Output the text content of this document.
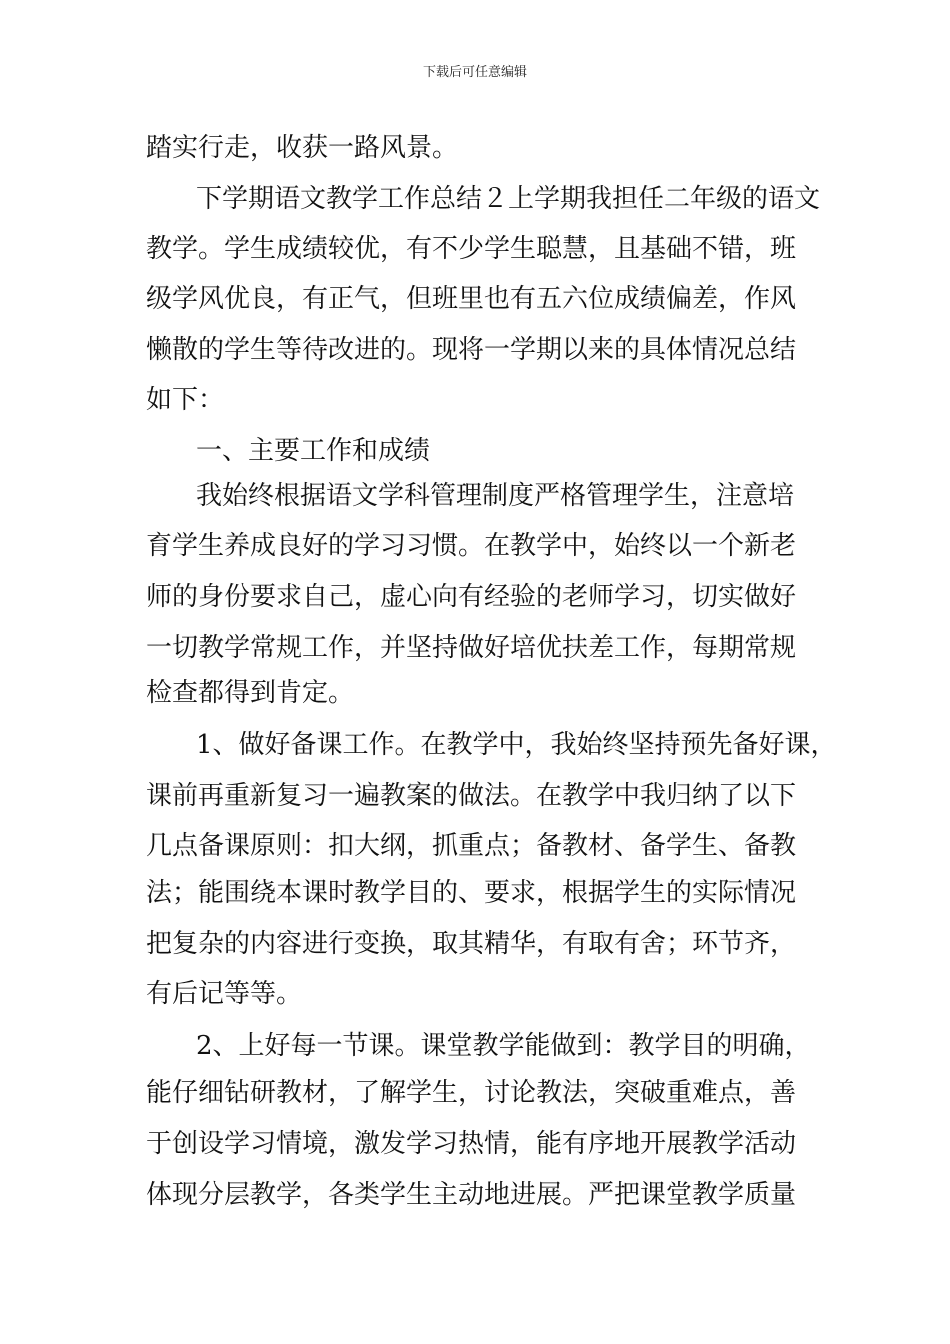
下载后可任意编辑
踏实行走，收获一路风景。
下学期语文教学工作总结２上学期我担任二年级的语文
教学。学生成绩较优，有不少学生聪慧，且基础不错，班
级学风优良，有正气，但班里也有五六位成绩偏差，作风
懒散的学生等待改进的。现将一学期以来的具体情况总结
如下：
一、主要工作和成绩
我始终根据语文学科管理制度严格管理学生，注意培
育学生养成良好的学习习惯。在教学中，始终以一个新老
师的身份要求自己，虚心向有经验的老师学习，切实做好
一切教学常规工作，并坚持做好培优扶差工作，每期常规
检查都得到肯定。
1、做好备课工作。在教学中，我始终坚持预先备好课，
课前再重新复习一遍教案的做法。在教学中我归纳了以下
几点备课原则：扣大纲，抓重点；备教材、备学生、备教
法；能围绕本课时教学目的、要求，根据学生的实际情况
把复杂的内容进行变换，取其精华，有取有舍；环节齐，
有后记等等。
2、上好每一节课。课堂教学能做到：教学目的明确，
能仔细钻研教材，了解学生，讨论教法，突破重难点，善
于创设学习情境，激发学习热情，能有序地开展教学活动
体现分层教学，各类学生主动地进展。严把课堂教学质量
